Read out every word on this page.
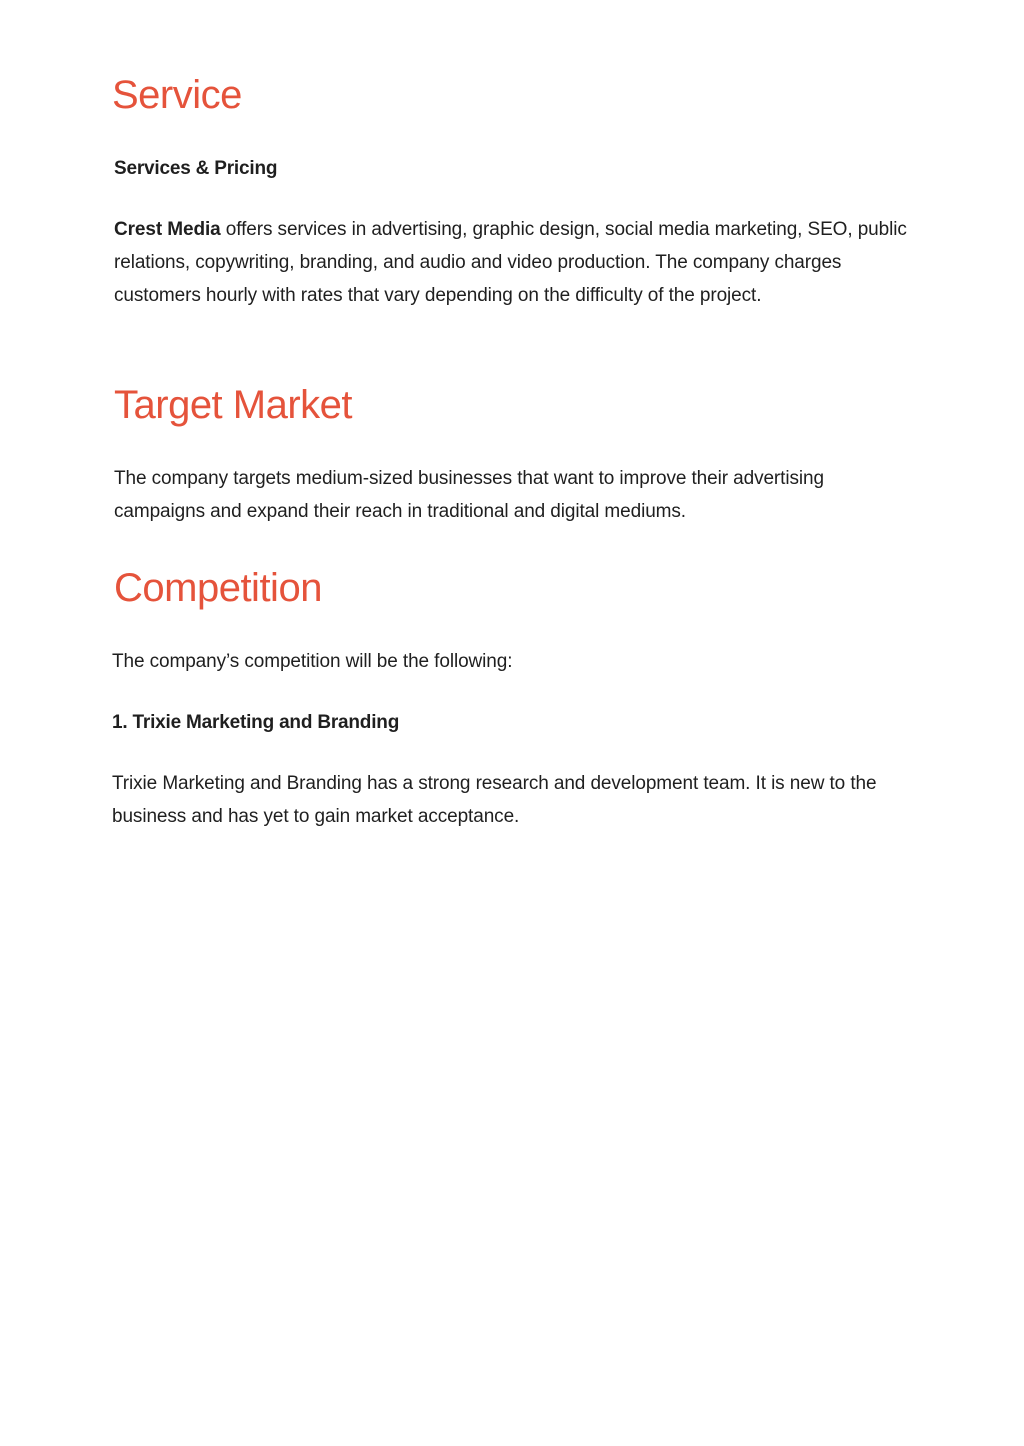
Service
Services & Pricing

Crest Media offers services in advertising, graphic design, social media marketing, SEO, public relations, copywriting, branding, and audio and video production. The company charges customers hourly with rates that vary depending on the difficulty of the project.

Target Market

The company targets medium-sized businesses that want to improve their advertising campaigns and expand their reach in traditional and digital mediums.

Competition

The company’s competition will be the following:

1. Trixie Marketing and Branding

Trixie Marketing and Branding has a strong research and development team. It is new to the business and has yet to gain market acceptance.
